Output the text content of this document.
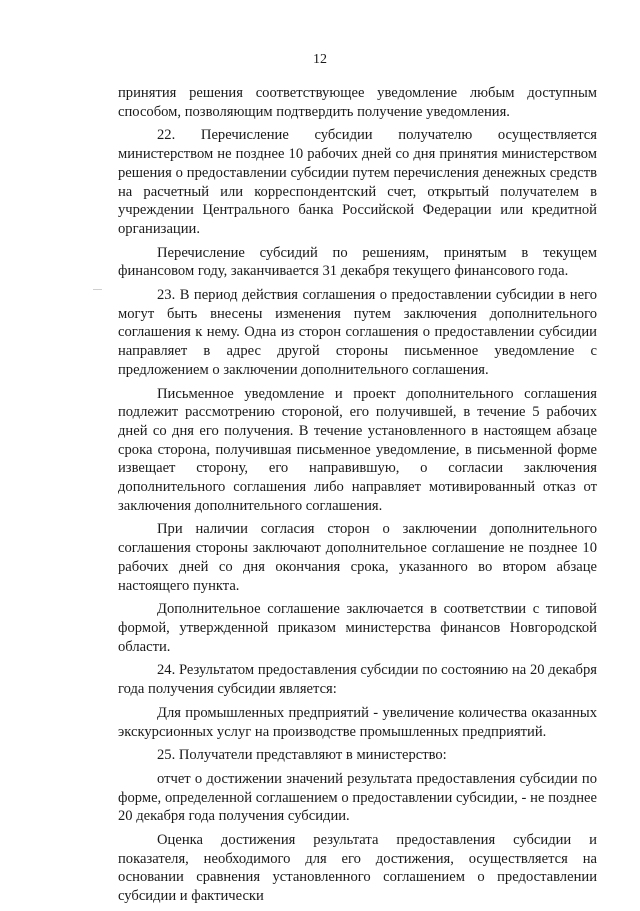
12

принятия решения соответствующее уведомление любым доступным способом, позволяющим подтвердить получение уведомления.

22. Перечисление субсидии получателю осуществляется министерством не позднее 10 рабочих дней со дня принятия министерством решения о предоставлении субсидии путем перечисления денежных средств на расчетный или корреспондентский счет, открытый получателем в учреждении Центрального банка Российской Федерации или кредитной организации.

Перечисление субсидий по решениям, принятым в текущем финансовом году, заканчивается 31 декабря текущего финансового года.

23. В период действия соглашения о предоставлении субсидии в него могут быть внесены изменения путем заключения дополнительного соглашения к нему. Одна из сторон соглашения о предоставлении субсидии направляет в адрес другой стороны письменное уведомление с предложением о заключении дополнительного соглашения.

Письменное уведомление и проект дополнительного соглашения подлежит рассмотрению стороной, его получившей, в течение 5 рабочих дней со дня его получения. В течение установленного в настоящем абзаце срока сторона, получившая письменное уведомление, в письменной форме извещает сторону, его направившую, о согласии заключения дополнительного соглашения либо направляет мотивированный отказ от заключения дополнительного соглашения.

При наличии согласия сторон о заключении дополнительного соглашения стороны заключают дополнительное соглашение не позднее 10 рабочих дней со дня окончания срока, указанного во втором абзаце настоящего пункта.

Дополнительное соглашение заключается в соответствии с типовой формой, утвержденной приказом министерства финансов Новгородской области.

24. Результатом предоставления субсидии по состоянию на 20 декабря года получения субсидии является:

Для промышленных предприятий - увеличение количества оказанных экскурсионных услуг на производстве промышленных предприятий.

25. Получатели представляют в министерство:

отчет о достижении значений результата предоставления субсидии по форме, определенной соглашением о предоставлении субсидии, - не позднее 20 декабря года получения субсидии.

Оценка достижения результата предоставления субсидии и показателя, необходимого для его достижения, осуществляется на основании сравнения установленного соглашением о предоставлении субсидии и фактически
